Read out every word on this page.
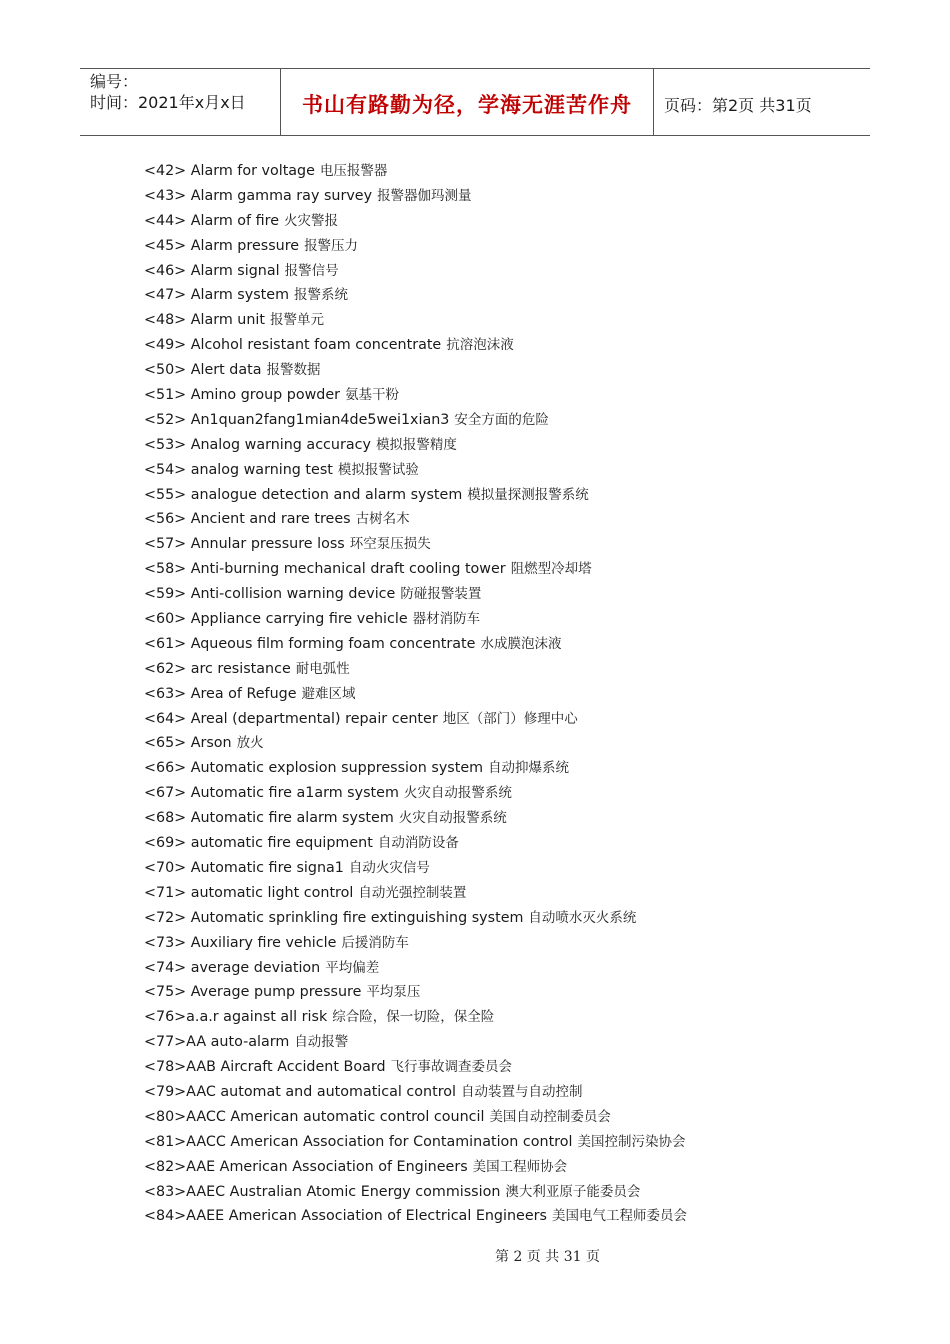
编号：
时间：2021年x月x日	书山有路勤为径，学海无涯苦作舟	页码：第2页 共31页
<42> Alarm for voltage 电压报警器
<43> Alarm gamma ray survey 报警器伽玛测量
<44> Alarm of fire 火灾警报
<45> Alarm pressure 报警压力
<46> Alarm signal 报警信号
<47> Alarm system 报警系统
<48> Alarm unit 报警单元
<49> Alcohol resistant foam concentrate 抗溶泡沫液
<50> Alert data 报警数据
<51> Amino group powder 氨基干粉
<52> An1quan2fang1mian4de5wei1xian3 安全方面的危险
<53> Analog warning accuracy 模拟报警精度
<54> analog warning test 模拟报警试验
<55> analogue detection and alarm system 模拟量探测报警系统
<56> Ancient and rare trees 古树名木
<57> Annular pressure loss 环空泵压损失
<58> Anti-burning mechanical draft cooling tower 阻燃型冷却塔
<59> Anti-collision warning device 防碰报警装置
<60> Appliance carrying fire vehicle 器材消防车
<61> Aqueous film forming foam concentrate 水成膜泡沫液
<62> arc resistance 耐电弧性
<63> Area of Refuge 避难区域
<64> Areal (departmental) repair center 地区（部门）修理中心
<65> Arson 放火
<66> Automatic explosion suppression system 自动抑爆系统
<67> Automatic fire a1arm system 火灾自动报警系统
<68> Automatic fire alarm system 火灾自动报警系统
<69> automatic fire equipment 自动消防设备
<70> Automatic fire signa1 自动火灾信号
<71> automatic light control 自动光强控制装置
<72> Automatic sprinkling fire extinguishing system 自动喷水灭火系统
<73> Auxiliary fire vehicle 后援消防车
<74> average deviation 平均偏差
<75> Average pump pressure 平均泵压
<76>a.a.r against all risk 综合险，保一切险，保全险
<77>AA auto-alarm 自动报警
<78>AAB Aircraft Accident Board 飞行事故调查委员会
<79>AAC automat and automatical control 自动装置与自动控制
<80>AACC American automatic control council 美国自动控制委员会
<81>AACC American Association for Contamination control 美国控制污染协会
<82>AAE American Association of Engineers 美国工程师协会
<83>AAEC Australian Atomic Energy commission 澳大利亚原子能委员会
<84>AAEE American Association of Electrical Engineers 美国电气工程师委员会
第 2 页 共 31 页
